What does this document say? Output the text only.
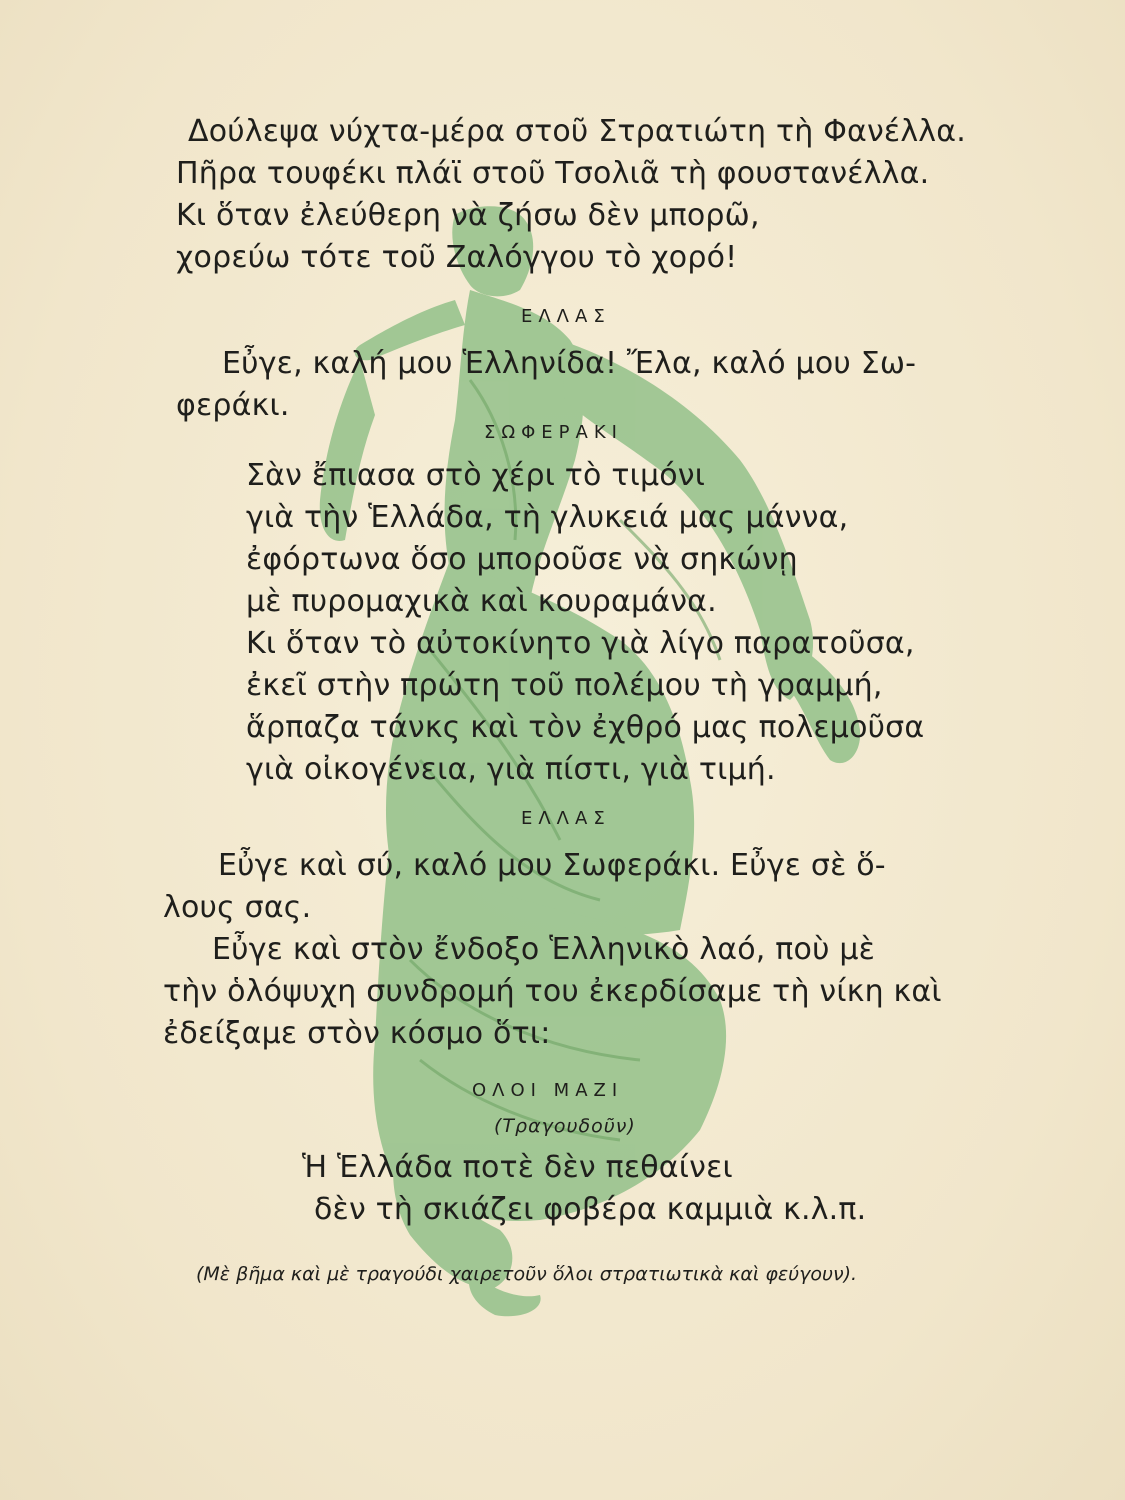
Δούλεψα νύχτα-μέρα στοῦ Στρατιώτη τὴ Φανέλλα.
Πῆρα τουφέκι πλάϊ στοῦ Τσολιᾶ τὴ φουστανέλλα.
Κι ὅταν ἐλεύθερη νὰ ζήσω δὲν μπορῶ,
χορεύω τότε τοῦ Ζαλόγγου τὸ χορό!
ΕΛΛΑΣ
Εὖγε, καλή μου Ἑλληνίδα! Ἔλα, καλό μου Σω-
φεράκι.
ΣΩΦΕΡΑΚΙ
Σὰν ἔπιασα στὸ χέρι τὸ τιμόνι
γιὰ τὴν Ἑλλάδα, τὴ γλυκειά μας μάννα,
ἐφόρτωνα ὅσο μποροῦσε νὰ σηκώνῃ
μὲ πυρομαχικὰ καὶ κουραμάνα.
Κι ὅταν τὸ αὐτοκίνητο γιὰ λίγο παρατοῦσα,
ἐκεῖ στὴν πρώτη τοῦ πολέμου τὴ γραμμή,
ἅρπαζα τάνκς καὶ τὸν ἐχθρό μας πολεμοῦσα
γιὰ οἰκογένεια, γιὰ πίστι, γιὰ τιμή.
ΕΛΛΑΣ
Εὖγε καὶ σύ, καλό μου Σωφεράκι. Εὖγε σὲ ὅ-
λους σας.
Εὖγε καὶ στὸν ἔνδοξο Ἑλληνικὸ λαό, ποὺ μὲ
τὴν ὁλόψυχη συνδρομή του ἐκερδίσαμε τὴ νίκη καὶ
ἐδείξαμε στὸν κόσμο ὅτι:
ΟΛΟΙ ΜΑΖΙ
(Τραγουδοῦν)
Ἡ Ἑλλάδα ποτὲ δὲν πεθαίνει
δὲν τὴ σκιάζει φοβέρα καμμιὰ κ.λ.π.
(Μὲ βῆμα καὶ μὲ τραγούδι χαιρετοῦν ὅλοι στρατιωτικὰ καὶ φεύγουν).
